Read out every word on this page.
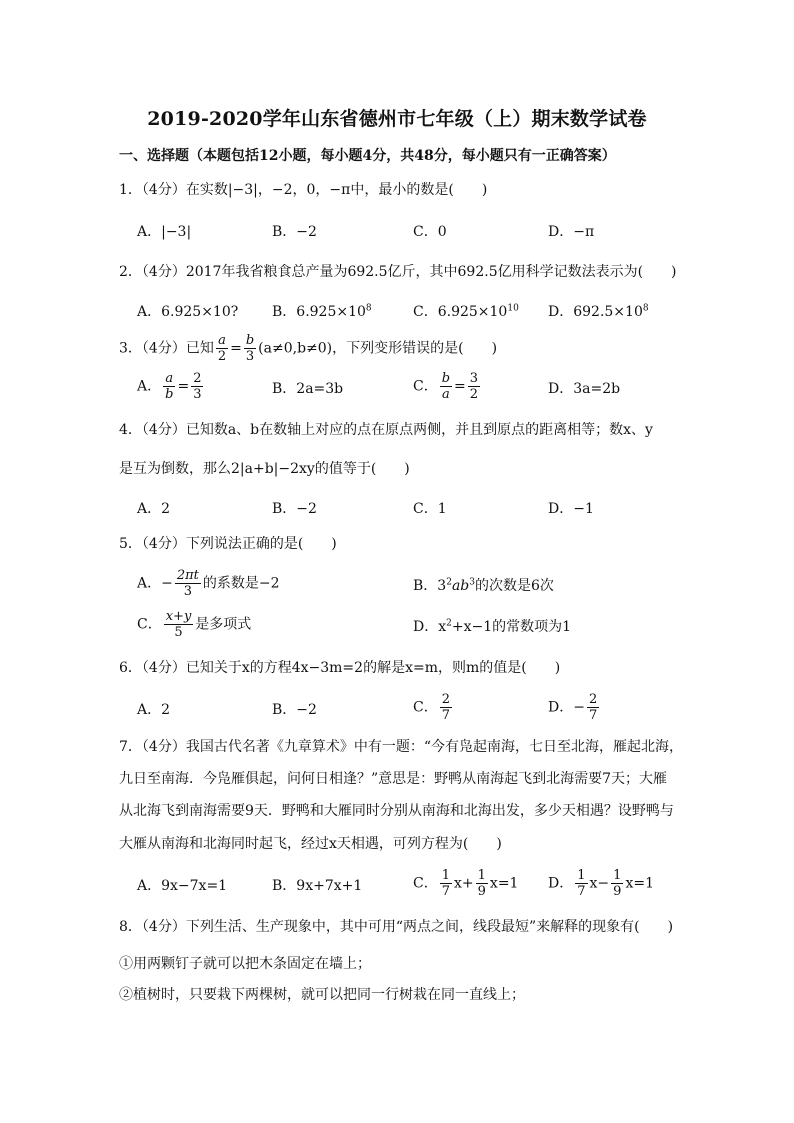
2019-2020学年山东省德州市七年级（上）期末数学试卷
一、选择题（本题包括12小题，每小题4分，共48分，每小题只有一正确答案）
1．（4分）在实数|−3|，−2，0，−π中，最小的数是(　　)
A．|−3|	B．−2	C．0	D．−π
2．（4分）2017年我省粮食总产量为692.5亿斤，其中692.5亿用科学记数法表示为(　　)
A．6.925×10? B．$6.925\times 10^8$	C．$6.925\times 10^{10}$ D．$692.5\times 10^8$
3．（4分）已知 $\frac{a}{2} = \frac{b}{3} (a\ne 0,b\ne 0)$，下列变形错误的是(　　)
A． $\frac{a}{b} = \frac{2}{3}$	B．2a=3b	C． $\frac{b}{a} = \frac{3}{2}$	D．3a=2b
4．（4分）已知数a、b在数轴上对应的点在原点两侧，并且到原点的距离相等；数x、y
是互为倒数，那么2|a+b|−2xy的值等于(　　)
A．2	B．−2	C．1	D．−1
5．（4分）下列说法正确的是(　　)
A．− $\frac{2\pi t}{3}$ 的系数是−2	B．$3^2ab^3$的次数是6次
C． $\frac{x+y}{5}$ 是多项式	D．$x^2+x-1$的常数项为1
6．（4分）已知关于x的方程4x−3m=2的解是x=m，则m的值是(　　)
A．2	B．−2	C． $\frac{2}{7}$	D．− $\frac{2}{7}$
7．（4分）我国古代名著《九章算术》中有一题：“今有凫起南海，七日至北海，雁起北海，
九日至南海．今凫雁俱起，问何日相逢？”意思是：野鸭从南海起飞到北海需要7天；大雁
从北海飞到南海需要9天．野鸭和大雁同时分别从南海和北海出发，多少天相遇？设野鸭与
大雁从南海和北海同时起飞，经过x天相遇，可列方程为(　　)
A．9x−7x=1	B．9x+7x+1	C． $\frac{1}{7} x+ \frac{1}{9} x=1$ D． $\frac{1}{7} x- \frac{1}{9} x=1$
8．（4分）下列生活、生产现象中，其中可用“两点之间，线段最短”来解释的现象有(　　)
①用两颗钉子就可以把木条固定在墙上；
②植树时，只要栽下两棵树，就可以把同一行树栽在同一直线上；
